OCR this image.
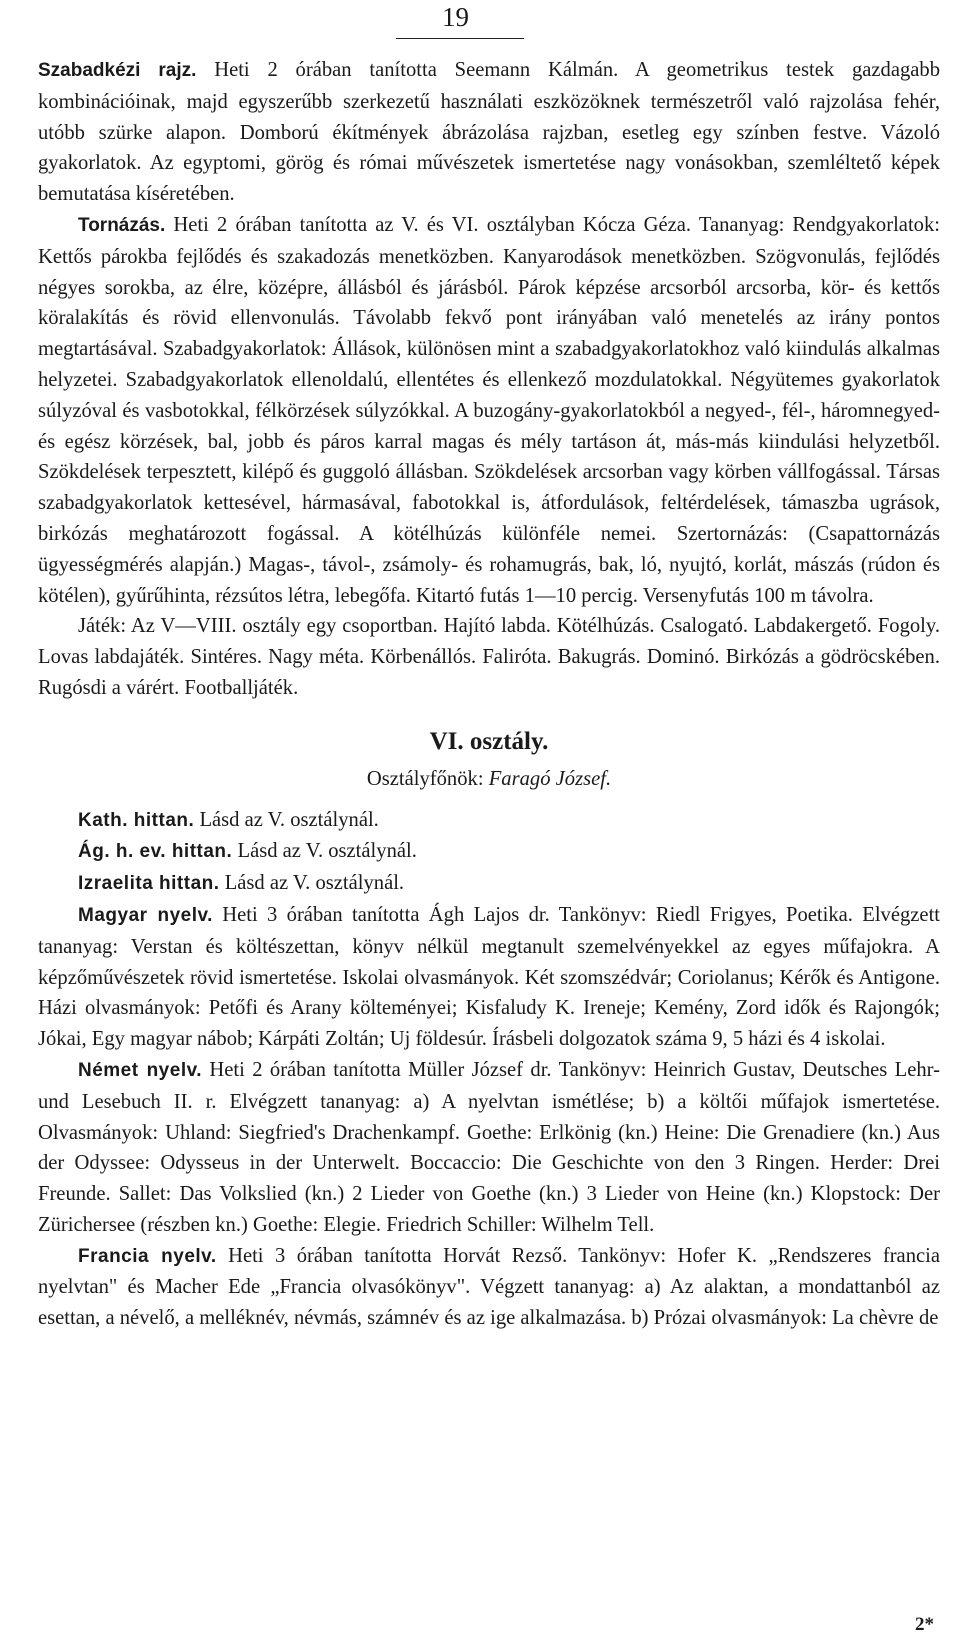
19

Szabadkézi rajz. Heti 2 órában tanította Seemann Kálmán. A geometrikus testek gazdagabb kombinációinak, majd egyszerűbb szerkezetű használati eszközöknek természetről való rajzolása fehér, utóbb szürke alapon. Domború ékítmények ábrázolása rajzban, esetleg egy színben festve. Vázoló gyakorlatok. Az egyptomi, görög és római művészetek ismertetése nagy vonásokban, szemléltető képek bemutatása kíséretében.

Tornázás. Heti 2 órában tanította az V. és VI. osztályban Kócza Géza. Tananyag: Rendgyakorlatok: Kettős párokba fejlődés és szakadozás menetközben. Kanyarodások menetközben. Szögvonulás, fejlődés négyes sorokba, az élre, középre, állásból és járásból. Párok képzése arcsorból arcsorba, kör- és kettős köralakítás és rövid ellenvonulás. Távolabb fekvő pont irányában való menetelés az irány pontos megtartásával. Szabadgyakorlatok: Állások, különösen mint a szabadgyakorlatokhoz való kiindulás alkalmas helyzetei. Szabadgyakorlatok ellenoldalú, ellentétes és ellenkező mozdulatokkal. Négyütemes gyakorlatok súlyzóval és vasbotokkal, félkörzések súlyzókkal. A buzogány-gyakorlatokból a negyed-, fél-, háromnegyed- és egész körzések, bal, jobb és páros karral magas és mély tartáson át, más-más kiindulási helyzetből. Szökdelések terpesztett, kilépő és guggoló állásban. Szökdelések arcsorban vagy körben vállfogással. Társas szabadgyakorlatok kettesével, hármasával, fabotokkal is, átfordulások, feltérdelések, támaszba ugrások, birkózás meghatározott fogással. A kötélhúzás különféle nemei. Szertornázás: (Csapattornázás ügyességmérés alapján.) Magas-, távol-, zsámoly- és rohamugrás, bak, ló, nyujtó, korlát, mászás (rúdon és kötélen), gyűrűhinta, rézsútos létra, lebegőfa. Kitartó futás 1—10 percig. Versenyfutás 100 m távolra.

Játék: Az V—VIII. osztály egy csoportban. Hajító labda. Kötélhúzás. Csalogató. Labdakergető. Fogoly. Lovas labdajáték. Sintéres. Nagy méta. Körbenállós. Faliróta. Bakugrás. Dominó. Birkózás a gödröcskében. Rugósdi a várért. Footballjáték.

VI. osztály.

Osztályfőnök: Faragó József.

Kath. hittan. Lásd az V. osztálynál.

Ág. h. ev. hittan. Lásd az V. osztálynál.

Izraelita hittan. Lásd az V. osztálynál.

Magyar nyelv. Heti 3 órában tanította Ágh Lajos dr. Tankönyv: Riedl Frigyes, Poetika. Elvégzett tananyag: Verstan és költészettan, könyv nélkül megtanult szemelvényekkel az egyes műfajokra. A képzőművészetek rövid ismertetése. Iskolai olvasmányok. Két szomszédvár; Coriolanus; Kérők és Antigone. Házi olvasmányok: Petőfi és Arany költeményei; Kisfaludy K. Ireneje; Kemény, Zord idők és Rajongók; Jókai, Egy magyar nábob; Kárpáti Zoltán; Uj földesúr. Írásbeli dolgozatok száma 9, 5 házi és 4 iskolai.

Német nyelv. Heti 2 órában tanította Müller József dr. Tankönyv: Heinrich Gustav, Deutsches Lehr- und Lesebuch II. r. Elvégzett tananyag: a) A nyelvtan ismétlése; b) a költői műfajok ismertetése. Olvasmányok: Uhland: Siegfried's Drachenkampf. Goethe: Erlkönig (kn.) Heine: Die Grenadiere (kn.) Aus der Odyssee: Odysseus in der Unterwelt. Boccaccio: Die Geschichte von den 3 Ringen. Herder: Drei Freunde. Sallet: Das Volkslied (kn.) 2 Lieder von Goethe (kn.) 3 Lieder von Heine (kn.) Klopstock: Der Zürichersee (részben kn.) Goethe: Elegie. Friedrich Schiller: Wilhelm Tell.

Francia nyelv. Heti 3 órában tanította Horvát Rezső. Tankönyv: Hofer K. „Rendszeres francia nyelvtan" és Macher Ede „Francia olvasókönyv". Végzett tananyag: a) Az alaktan, a mondattanból az esettan, a névelő, a melléknév, névmás, számnév és az ige alkalmazása. b) Prózai olvasmányok: La chèvre de

2*
